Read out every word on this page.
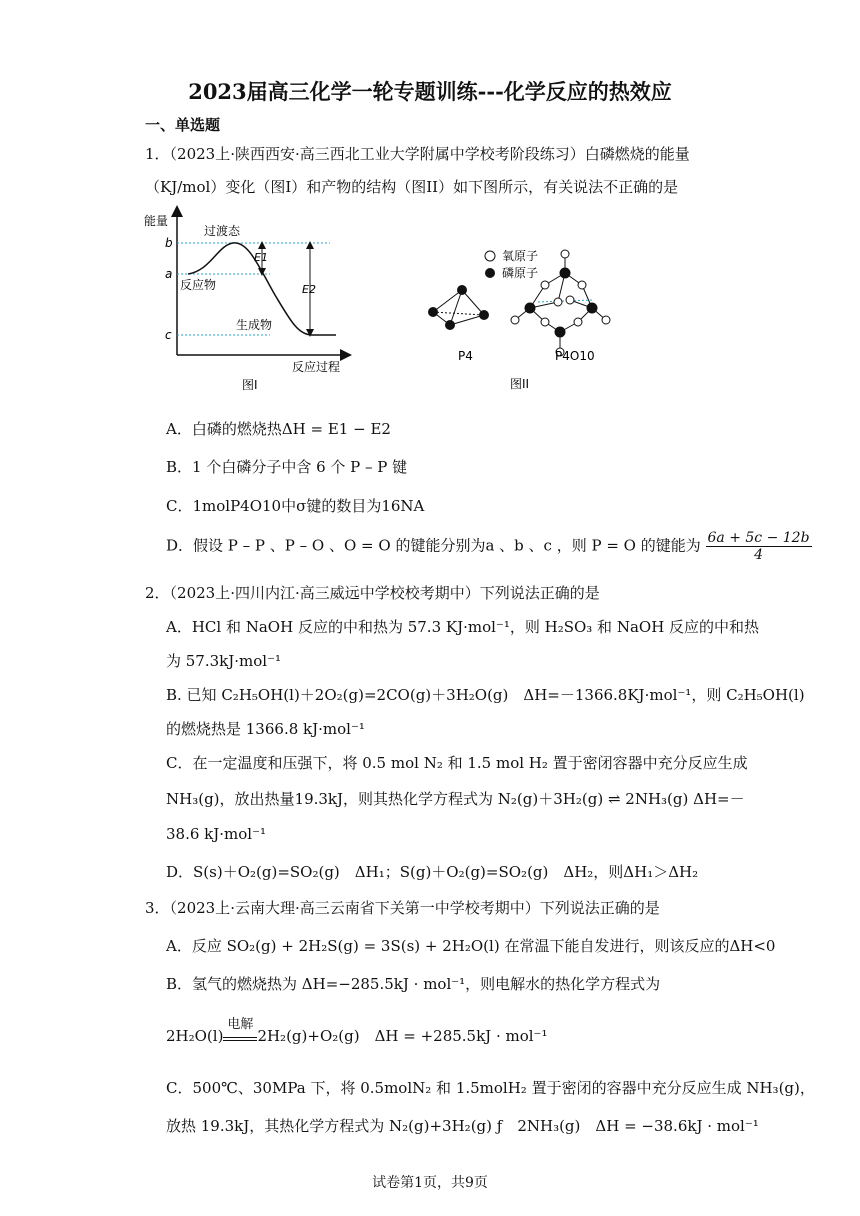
2023届高三化学一轮专题训练---化学反应的热效应
一、单选题
1．（2023上·陕西西安·高三西北工业大学附属中学校考阶段练习）白磷燃烧的能量
（KJ/mol）变化（图I）和产物的结构（图II）如下图所示，有关说法不正确的是
能量
反应过程
b
a
c
E1
E2
过渡态
反应物
生成物
图I
氧原子
磷原子
P4	P4O10
图II
A．白磷的燃烧热ΔH = E1 − E2
B．1 个白磷分子中含 6 个 P – P 键
C．1molP4O10中σ键的数目为16NA
D．假设 P – P 、P – O 、O = O 的键能分别为a 、b 、c ，则 P = O 的键能为 $\frac{6a + 5c - 12b}{4}$
2．（2023上·四川内江·高三威远中学校校考期中）下列说法正确的是
A．HCl 和 NaOH 反应的中和热为 57.3 KJ·mol⁻¹，则 H₂SO₃ 和 NaOH 反应的中和热
为 57.3kJ·mol⁻¹
B. 已知 C₂H₅OH(l)＋2O₂(g)=2CO(g)＋3H₂O(g)　ΔH=－1366.8KJ·mol⁻¹，则 C₂H₅OH(l)
的燃烧热是 1366.8 kJ·mol⁻¹
C．在一定温度和压强下，将 0.5 mol N₂ 和 1.5 mol H₂ 置于密闭容器中充分反应生成
NH₃(g)，放出热量19.3kJ，则其热化学方程式为 N₂(g)＋3H₂(g) ⇌ 2NH₃(g) ΔH=－
38.6 kJ·mol⁻¹
D．S(s)＋O₂(g)=SO₂(g)　ΔH₁；S(g)＋O₂(g)=SO₂(g)　ΔH₂，则ΔH₁＞ΔH₂
3．（2023上·云南大理·高三云南省下关第一中学校考期中）下列说法正确的是
A．反应 SO₂(g) + 2H₂S(g) = 3S(s) + 2H₂O(l) 在常温下能自发进行，则该反应的ΔH<0
B．氢气的燃烧热为 ΔH=−285.5kJ · mol⁻¹，则电解水的热化学方程式为
2H₂O(l)
电解
2H₂(g)+O₂(g)　ΔH = +285.5kJ · mol⁻¹
C．500℃、30MPa 下，将 0.5molN₂ 和 1.5molH₂ 置于密闭的容器中充分反应生成 NH₃(g)，
放热 19.3kJ，其热化学方程式为 N₂(g)+3H₂(g) ƒ　2NH₃(g)　ΔH = −38.6kJ · mol⁻¹
试卷第1页，共9页
